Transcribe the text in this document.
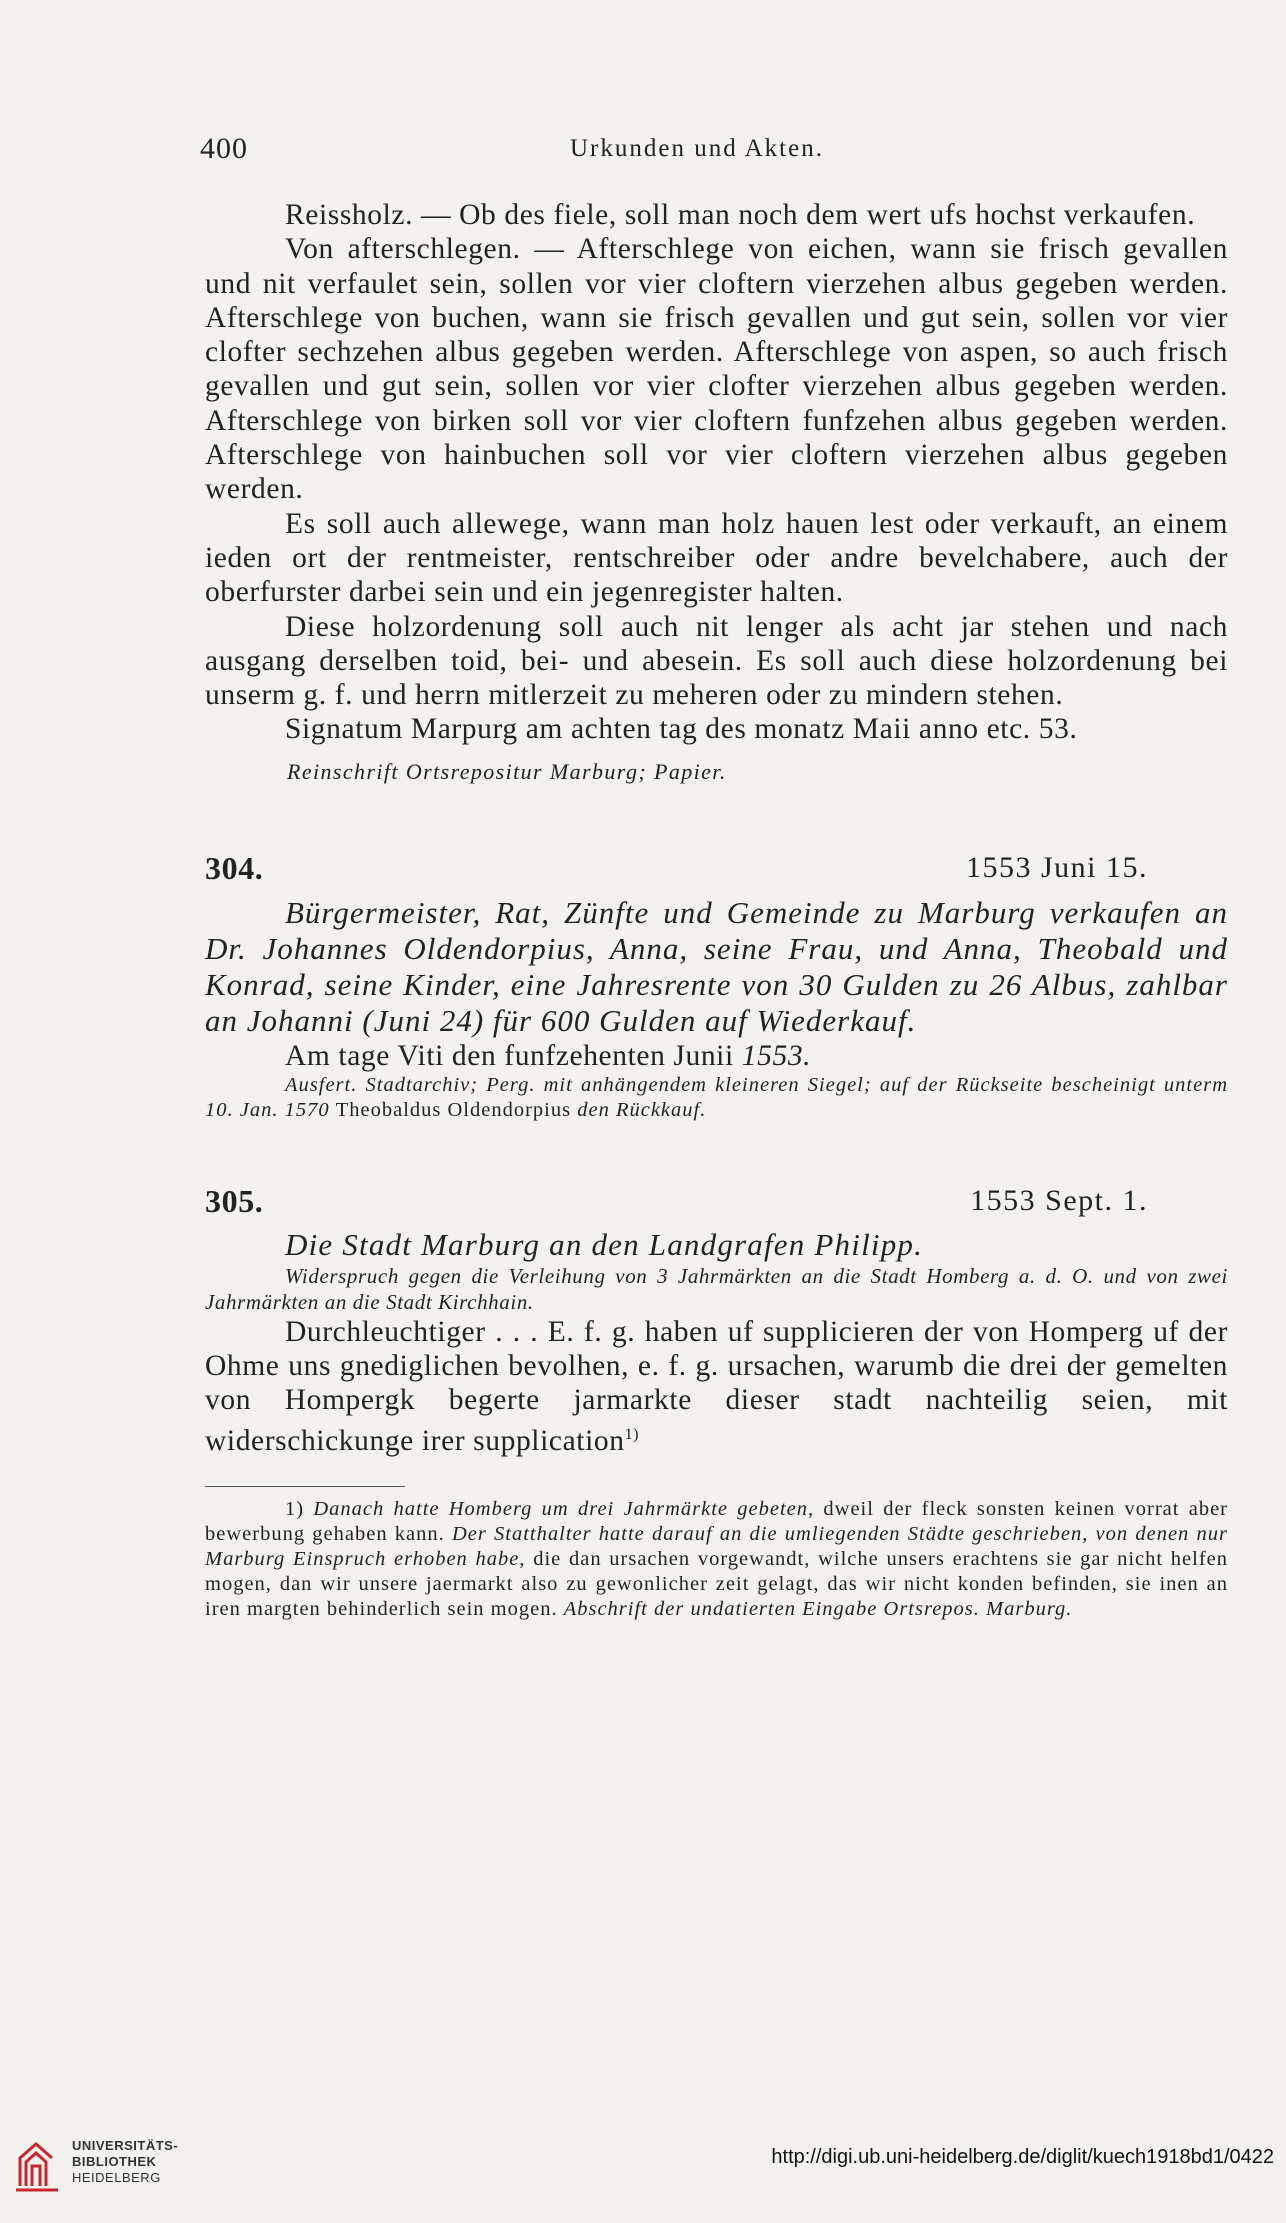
400	Urkunden und Akten.

Reissholz. — Ob des fiele, soll man noch dem wert ufs hochst verkaufen.

Von afterschlegen. — Afterschlege von eichen, wann sie frisch gevallen und nit verfaulet sein, sollen vor vier cloftern vierzehen albus gegeben werden. Afterschlege von buchen, wann sie frisch gevallen und gut sein, sollen vor vier clofter sechzehen albus gegeben werden. Afterschlege von aspen, so auch frisch gevallen und gut sein, sollen vor vier clofter vierzehen albus gegeben werden. Afterschlege von birken soll vor vier cloftern funfzehen albus gegeben werden. Afterschlege von hainbuchen soll vor vier cloftern vierzehen albus gegeben werden.

Es soll auch allewege, wann man holz hauen lest oder verkauft, an einem ieden ort der rentmeister, rentschreiber oder andre bevelchabere, auch der oberfurster darbei sein und ein jegenregister halten.

Diese holzordenung soll auch nit lenger als acht jar stehen und nach ausgang derselben toid, bei- und abesein. Es soll auch diese holzordenung bei unserm g. f. und herrn mitlerzeit zu meheren oder zu mindern stehen.

Signatum Marpurg am achten tag des monatz Maii anno etc. 53.

Reinschrift Ortsrepositur Marburg; Papier.
304.	1553 Juni 15.

Bürgermeister, Rat, Zünfte und Gemeinde zu Marburg verkaufen an Dr. Johannes Oldendorpius, Anna, seine Frau, und Anna, Theobald und Konrad, seine Kinder, eine Jahresrente von 30 Gulden zu 26 Albus, zahlbar an Johanni (Juni 24) für 600 Gulden auf Wiederkauf.

Am tage Viti den funfzehenten Junii 1553.

Ausfert. Stadtarchiv; Perg. mit anhängendem kleineren Siegel; auf der Rückseite bescheinigt unterm 10. Jan. 1570 Theobaldus Oldendorpius den Rückkauf.

305.	1553 Sept. 1.

Die Stadt Marburg an den Landgrafen Philipp.

Widerspruch gegen die Verleihung von 3 Jahrmärkten an die Stadt Homberg a. d. O. und von zwei Jahrmärkten an die Stadt Kirchhain.

Durchleuchtiger . . . E. f. g. haben uf supplicieren der von Homperg uf der Ohme uns gnediglichen bevolhen, e. f. g. ursachen, warumb die drei der gemelten von Hompergk begerte jarmarkte dieser stadt nachteilig seien, mit widerschickunge irer supplication$^{1)}$

1) Danach hatte Homberg um drei Jahrmärkte gebeten, dweil der fleck sonsten keinen vorrat aber bewerbung gehaben kann. Der Statthalter hatte darauf an die umliegenden Städte geschrieben, von denen nur Marburg Einspruch erhoben habe, die dan ursachen vorgewandt, wilche unsers erachtens sie gar nicht helfen mogen, dan wir unsere jaermarkt also zu gewonlicher zeit gelagt, das wir nicht konden befinden, sie inen an iren margten behinderlich sein mogen. Abschrift der undatierten Eingabe Ortsrepos. Marburg.

UNIVERSITÄTS-
BIBLIOTHEK
HEIDELBERG
http://digi.ub.uni-heidelberg.de/diglit/kuech1918bd1/0422
